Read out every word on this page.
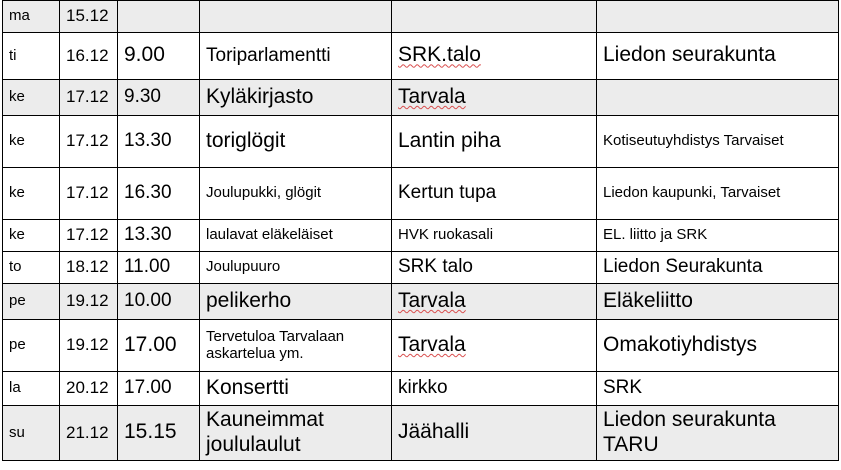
ma	15.12				
ti	16.12	9.00	Toriparlamentti	SRK.talo	Liedon seurakunta
ke	17.12	9.30	Kyläkirjasto	Tarvala	
ke	17.12	13.30	toriglögit	Lantin piha	Kotiseutuyhdistys Tarvaiset
ke	17.12	16.30	Joulupukki, glögit	Kertun tupa	Liedon kaupunki, Tarvaiset
ke	17.12	13.30	laulavat eläkeläiset	HVK ruokasali	EL. liitto ja SRK
to	18.12	11.00	Joulupuuro	SRK talo	Liedon Seurakunta
pe	19.12	10.00	pelikerho	Tarvala	Eläkeliitto
pe	19.12	17.00	Tervetuloa Tarvalaan askartelua ym.	Tarvala	Omakotiyhdistys
la	20.12	17.00	Konsertti	kirkko	SRK
su	21.12	15.15	Kauneimmat joululaulut	Jäähalli	Liedon seurakunta TARU
